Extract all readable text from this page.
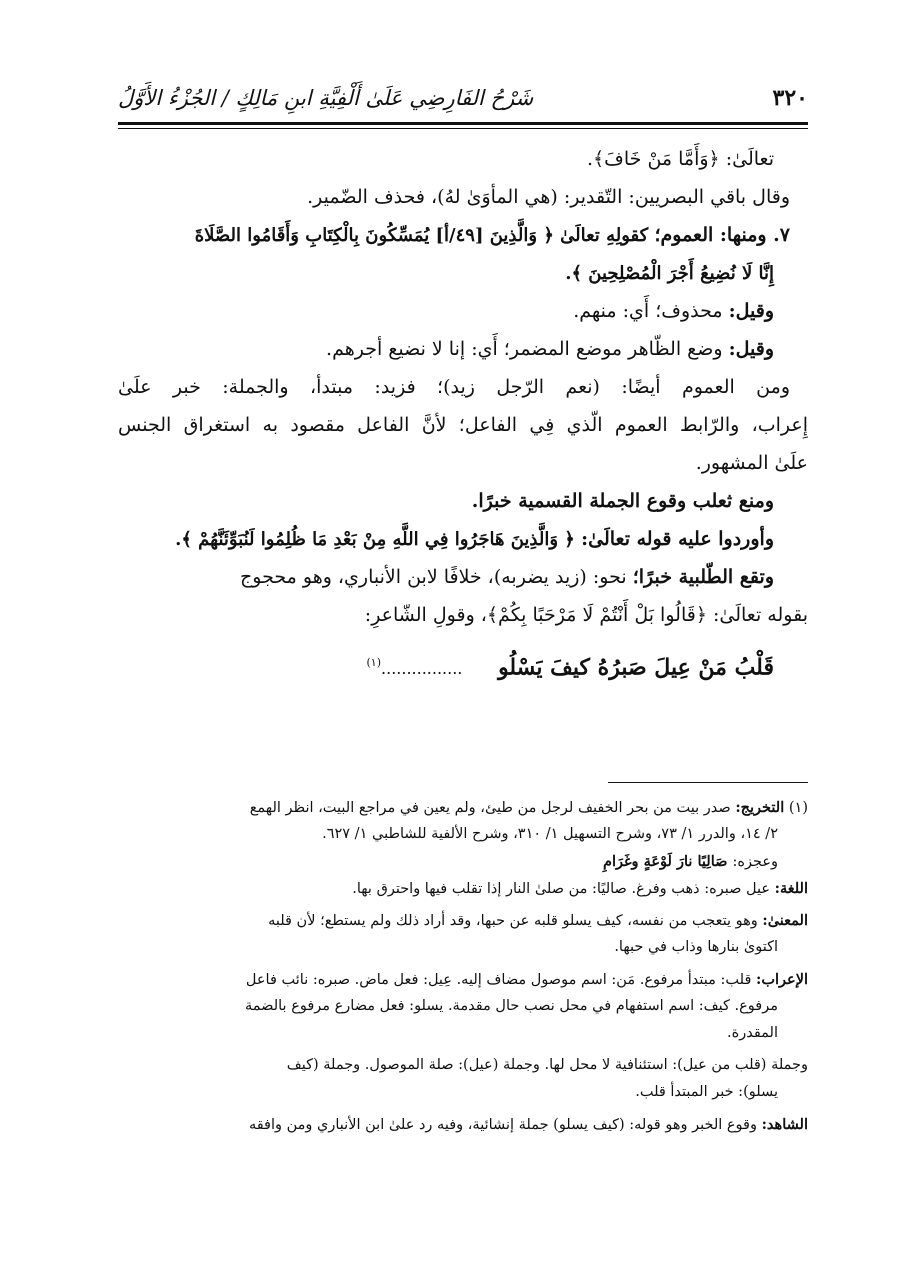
٣٢٠
شَرْحُ الفَارِضِي عَلَىٰ أَلْفِيَّةِ ابنِ مَالِكٍ / الجُزْءُ الأَوَّلُ
تعالَىٰ: ﴿وَأَمَّا مَنْ خَافَ﴾.
وقال باقي البصريين: التّقدير: (هي المأوَىٰ لهُ)، فحذف الضّمير.
٧. ومنها: العموم؛ كقولِهِ تعالَىٰ ﴿ وَالَّذِينَ [٤٩/أ] يُمَسِّكُونَ بِالْكِتَابِ وَأَقَامُوا الصَّلَاةَ
إِنَّا لَا نُضِيعُ أَجْرَ الْمُصْلِحِينَ ﴾.
وقيل: محذوف؛ أَي: منهم.
وقيل: وضع الظّاهر موضع المضمر؛ أَي: إنا لا نضيع أجرهم.
ومن العموم أيضًا: (نعم الرّجل زيد)؛ فزيد: مبتدأ، والجملة: خبر علَىٰ
إِعراب، والرّابط العموم الّذي فِي الفاعل؛ لأنَّ الفاعل مقصود به استغراق الجنس
علَىٰ المشهور.
ومنع ثعلب وقوع الجملة القسمية خبرًا.
وأوردوا عليه قوله تعالَىٰ: ﴿ وَالَّذِينَ هَاجَرُوا فِي اللَّهِ مِنْ بَعْدِ مَا ظُلِمُوا لَنُبَوِّئَنَّهُمْ ﴾.
وتقع الطّلبية خبرًا؛ نحو: (زيد يضربه)، خلافًا لابن الأنباري، وهو محجوج
بقوله تعالَىٰ: ﴿قَالُوا بَلْ أَنْتُمْ لَا مَرْحَبًا بِكُمْ﴾، وقولِ الشّاعرِ:
قَلْبُ مَنْ عِيلَ صَبرُهُ كيفَ يَسْلُو ................$^{(١)}$
(١) التخريج: صدر بيت من بحر الخفيف لرجل من طيئ، ولم يعين في مراجع البيت، انظر الهمع
٢/ ١٤، والدرر ١/ ٧٣، وشرح التسهيل ١/ ٣١٠، وشرح الألفية للشاطبي ١/ ٦٢٧.
وعجزه: صَالِيًا نارَ لَوْعَةٍ وغَرَامِ
اللغة: عيل صبره: ذهب وفرغ. صاليًا: من صلىٰ النار إذا تقلب فيها واحترق بها.
المعنىٰ: وهو يتعجب من نفسه، كيف يسلو قلبه عن حبها، وقد أراد ذلك ولم يستطع؛ لأن قلبه
اكتوىٰ بنارها وذاب في حبها.
الإعراب: قلب: مبتدأ مرفوع. مَن: اسم موصول مضاف إليه. عِيل: فعل ماض. صبره: نائب فاعل
مرفوع. كيف: اسم استفهام في محل نصب حال مقدمة. يسلو: فعل مضارع مرفوع بالضمة
المقدرة.
وجملة (قلب من عيل): استئنافية لا محل لها. وجملة (عيل): صلة الموصول. وجملة (كيف
يسلو): خبر المبتدأ قلب.
الشاهد: وقوع الخبر وهو قوله: (كيف يسلو) جملة إنشائية، وفيه رد علىٰ ابن الأنباري ومن وافقه
